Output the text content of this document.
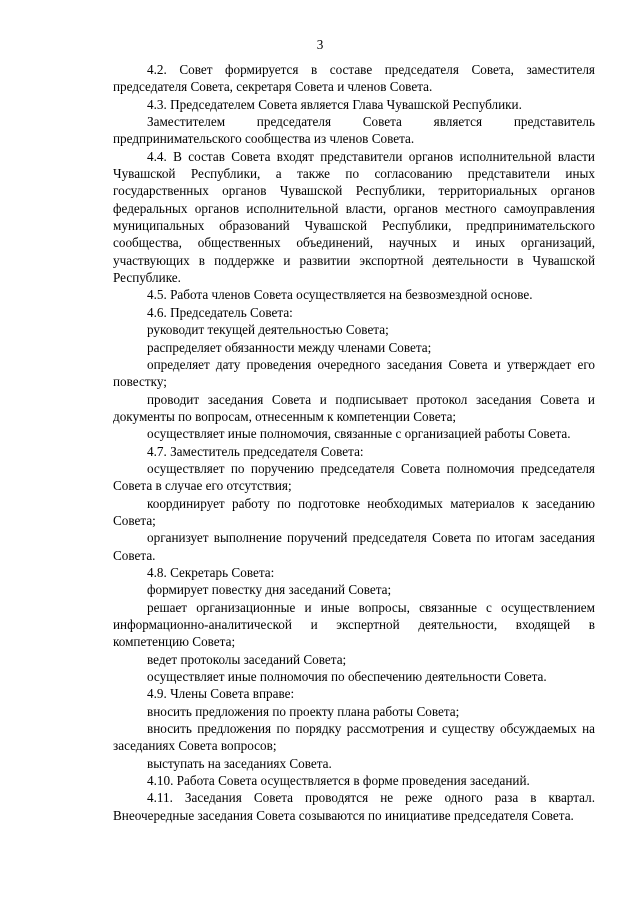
3

4.2. Совет формируется в составе председателя Совета, заместителя председателя Совета, секретаря Совета и членов Совета.

4.3. Председателем Совета является Глава Чувашской Республики.

Заместителем председателя Совета является представитель предпринимательского сообщества из членов Совета.

4.4. В состав Совета входят представители органов исполнительной власти Чувашской Республики, а также по согласованию представители иных государственных органов Чувашской Республики, территориальных органов федеральных органов исполнительной власти, органов местного самоуправления муниципальных образований Чувашской Республики, предпринимательского сообщества, общественных объединений, научных и иных организаций, участвующих в поддержке и развитии экспортной деятельности в Чувашской Республике.

4.5. Работа членов Совета осуществляется на безвозмездной основе.

4.6. Председатель Совета:

руководит текущей деятельностью Совета;

распределяет обязанности между членами Совета;

определяет дату проведения очередного заседания Совета и утверждает его повестку;

проводит заседания Совета и подписывает протокол заседания Совета и документы по вопросам, отнесенным к компетенции Совета;

осуществляет иные полномочия, связанные с организацией работы Совета.

4.7. Заместитель председателя Совета:

осуществляет по поручению председателя Совета полномочия председателя Совета в случае его отсутствия;

координирует работу по подготовке необходимых материалов к заседанию Совета;

организует выполнение поручений председателя Совета по итогам заседания Совета.

4.8. Секретарь Совета:

формирует повестку дня заседаний Совета;

решает организационные и иные вопросы, связанные с осуществлением информационно-аналитической и экспертной деятельности, входящей в компетенцию Совета;

ведет протоколы заседаний Совета;

осуществляет иные полномочия по обеспечению деятельности Совета.

4.9. Члены Совета вправе:

вносить предложения по проекту плана работы Совета;

вносить предложения по порядку рассмотрения и существу обсуждаемых на заседаниях Совета вопросов;

выступать на заседаниях Совета.

4.10. Работа Совета осуществляется в форме проведения заседаний.

4.11. Заседания Совета проводятся не реже одного раза в квартал. Внеочередные заседания Совета созываются по инициативе председателя Совета.
